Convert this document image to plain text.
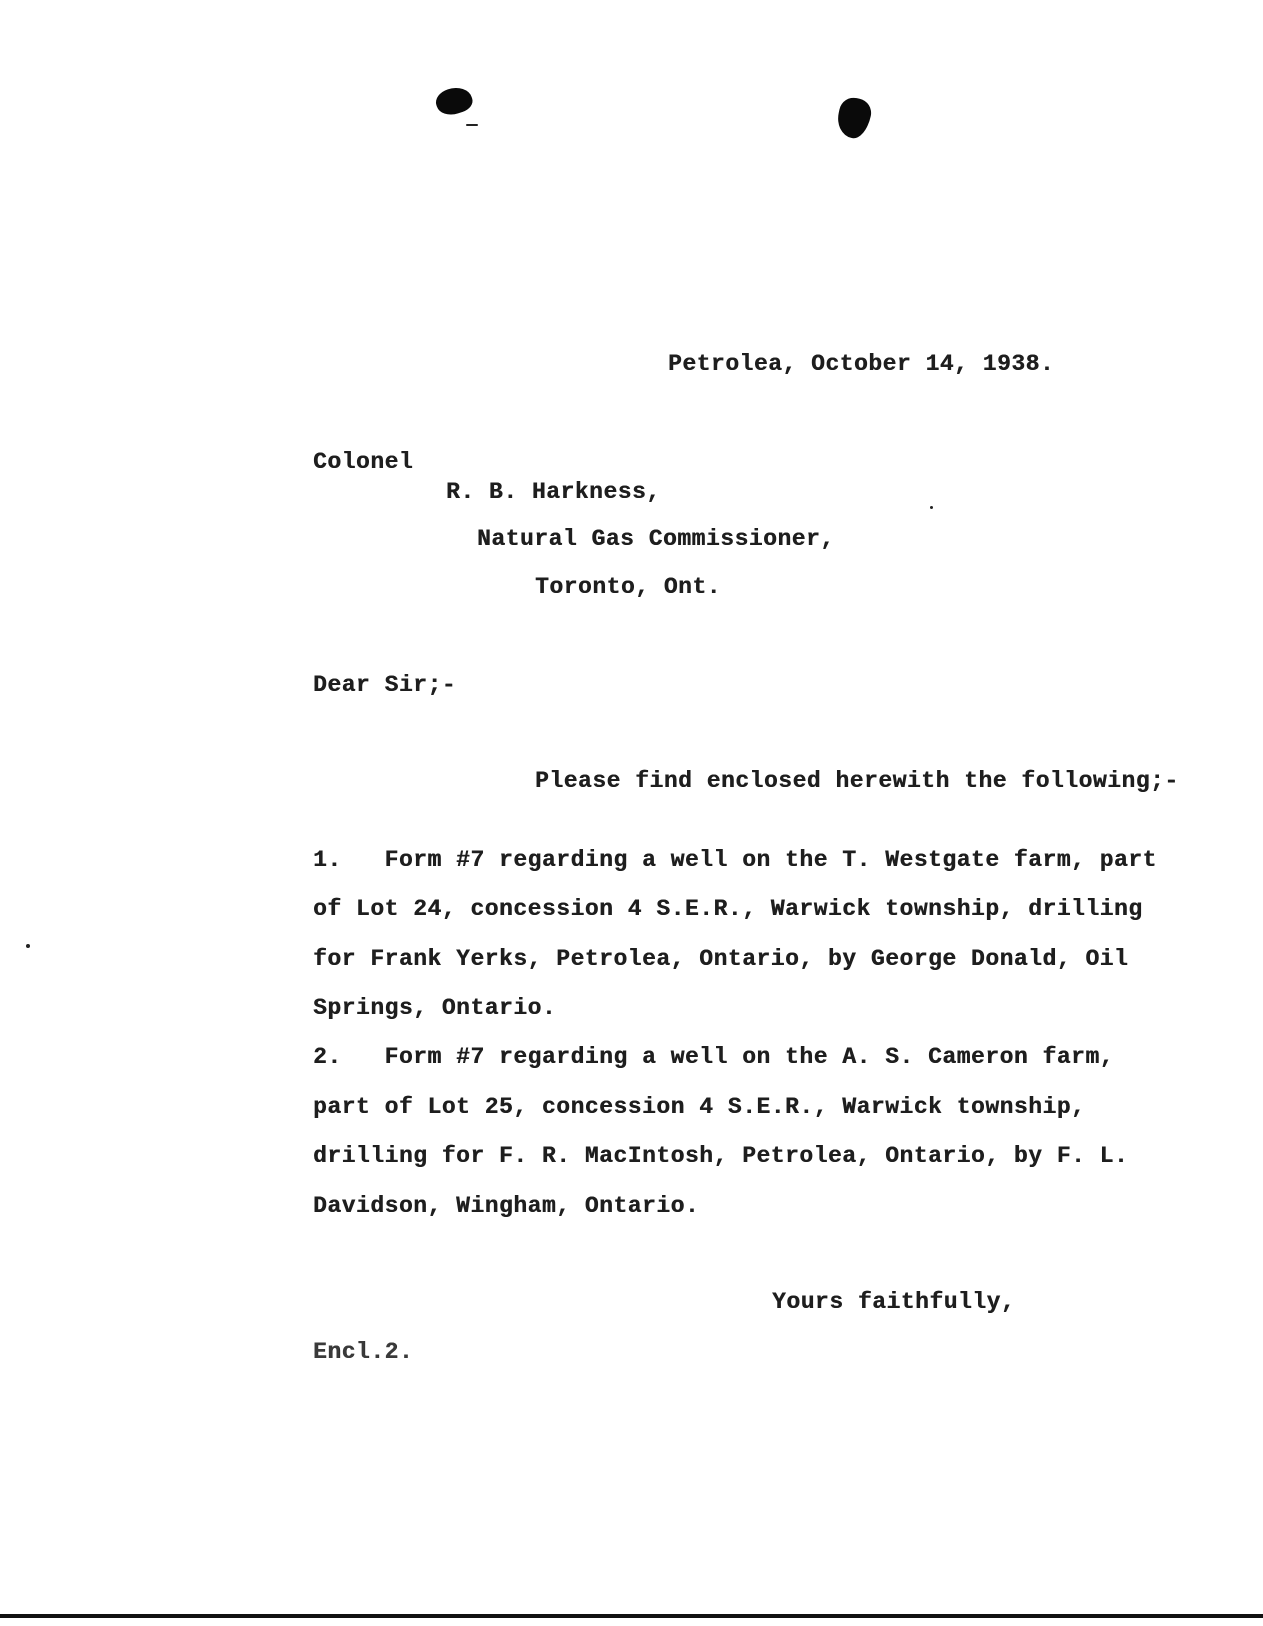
Petrolea, October 14, 1938.
Colonel
R. B. Harkness,
Natural Gas Commissioner,
Toronto, Ont.
Dear Sir;-
Please find enclosed herewith the following;-
1.   Form #7 regarding a well on the T. Westgate farm, part
of Lot 24, concession 4 S.E.R., Warwick township, drilling
for Frank Yerks, Petrolea, Ontario, by George Donald, Oil
Springs, Ontario.
2.   Form #7 regarding a well on the A. S. Cameron farm,
part of Lot 25, concession 4 S.E.R., Warwick township,
drilling for F. R. MacIntosh, Petrolea, Ontario, by F. L.
Davidson, Wingham, Ontario.
Yours faithfully,
Encl.2.
